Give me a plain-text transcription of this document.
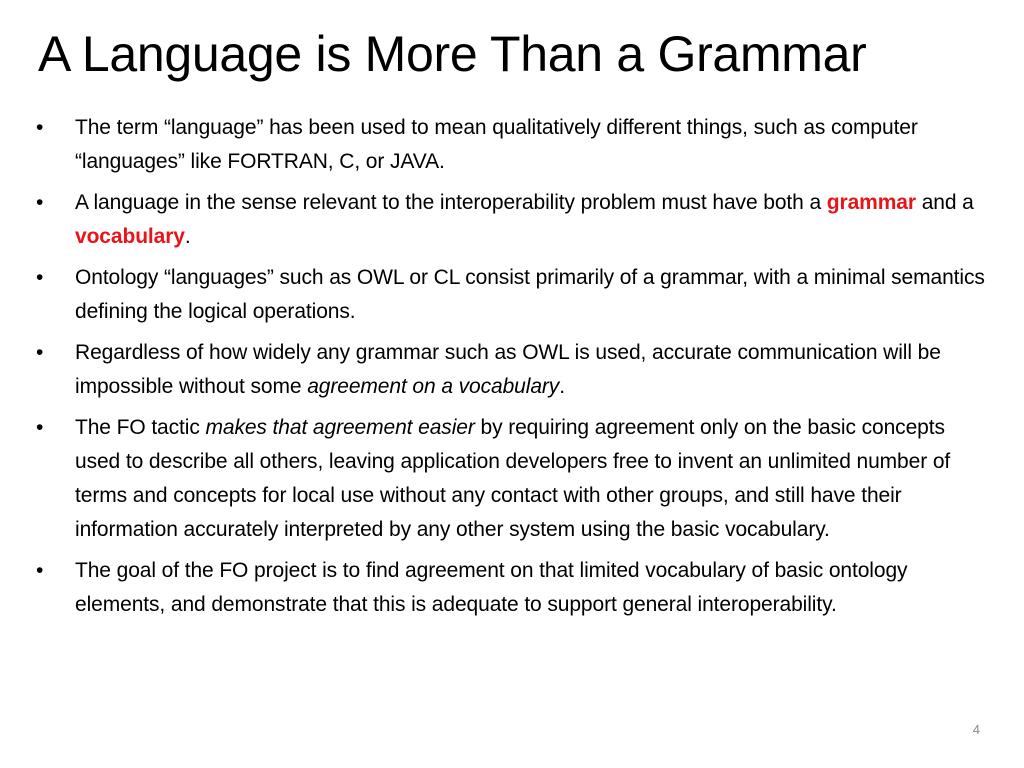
A Language is More Than a Grammar
•	The term “language” has been used to mean qualitatively different things, such as computer “languages” like FORTRAN, C, or JAVA.
•	A language in the sense relevant to the interoperability problem must have both a grammar and a vocabulary.
•	Ontology “languages” such as OWL or CL consist primarily of a grammar, with a minimal semantics defining the logical operations.
•	Regardless of how widely any grammar such as OWL is used, accurate communication will be impossible without some agreement on a vocabulary.
•	The FO tactic makes that agreement easier by requiring agreement only on the basic concepts used to describe all others, leaving application developers free to invent an unlimited number of terms and concepts for local use without any contact with other groups, and still have their information accurately interpreted by any other system using the basic vocabulary.
•	The goal of the FO project is to find agreement on that limited vocabulary of basic ontology elements, and demonstrate that this is adequate to support general interoperability.
4
